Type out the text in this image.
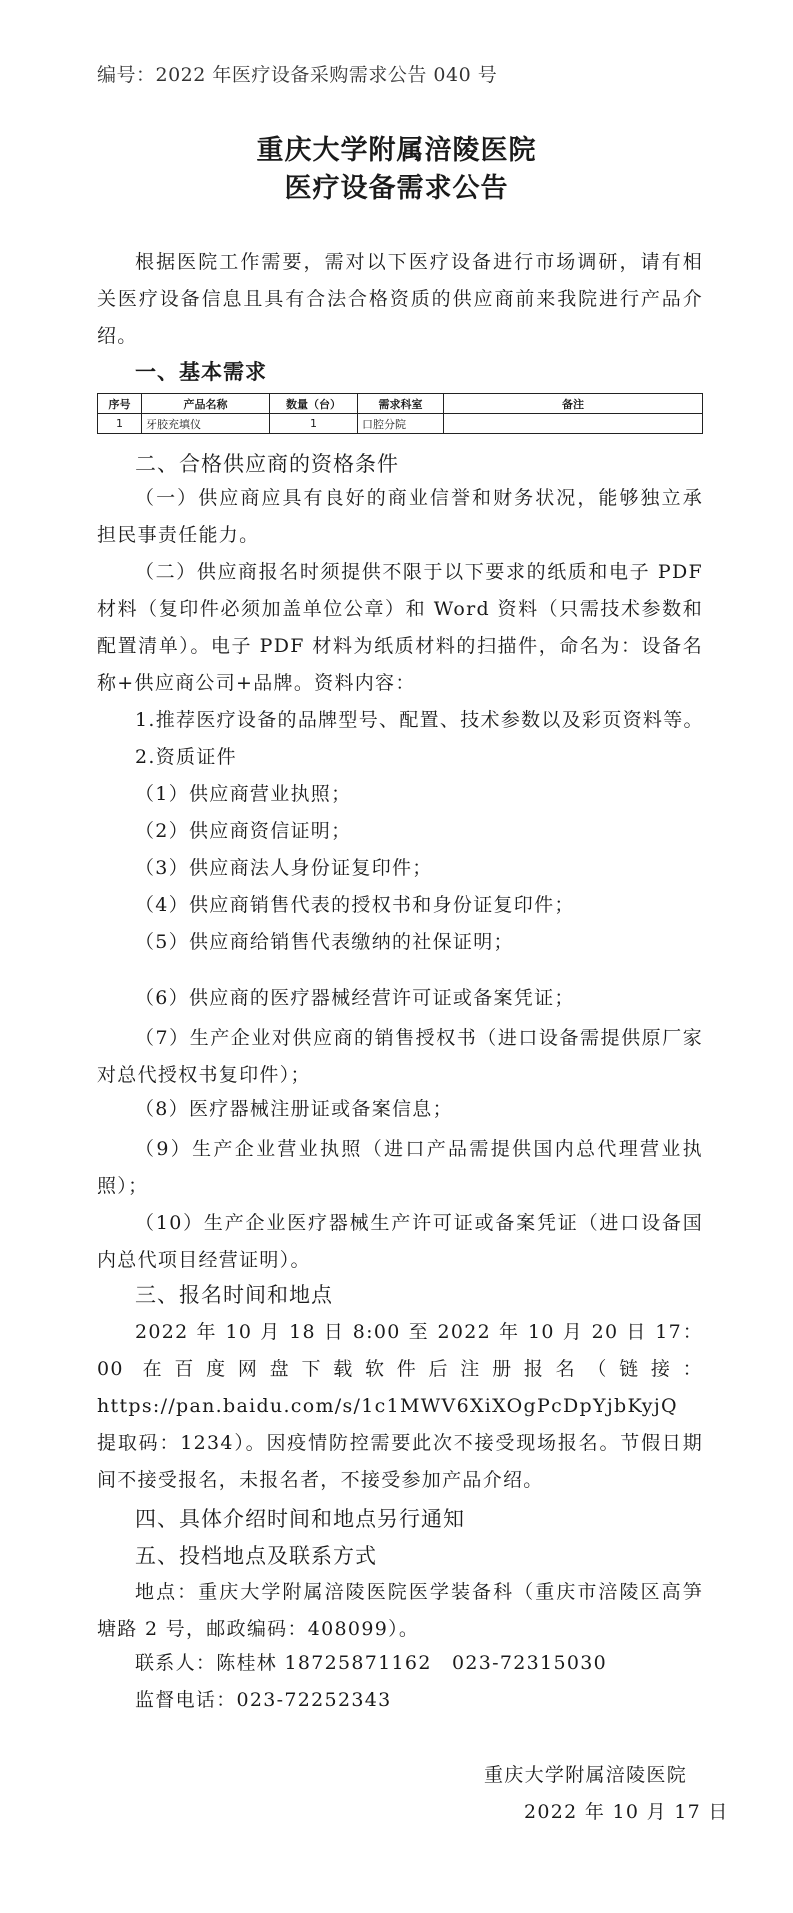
编号：2022 年医疗设备采购需求公告 040 号
重庆大学附属涪陵医院
医疗设备需求公告
根据医院工作需要，需对以下医疗设备进行市场调研，请有相关医疗设备信息且具有合法合格资质的供应商前来我院进行产品介绍。
一、基本需求
序号	产品名称	数量（台）	需求科室	备注
1	牙胶充填仪	1	口腔分院	
二、合格供应商的资格条件
（一）供应商应具有良好的商业信誉和财务状况，能够独立承担民事责任能力。
（二）供应商报名时须提供不限于以下要求的纸质和电子 PDF 材料（复印件必须加盖单位公章）和 Word 资料（只需技术参数和配置清单）。电子 PDF 材料为纸质材料的扫描件，命名为：设备名称+供应商公司+品牌。资料内容：
1.推荐医疗设备的品牌型号、配置、技术参数以及彩页资料等。
2.资质证件
（1）供应商营业执照；
（2）供应商资信证明；
（3）供应商法人身份证复印件；
（4）供应商销售代表的授权书和身份证复印件；
（5）供应商给销售代表缴纳的社保证明；
（6）供应商的医疗器械经营许可证或备案凭证；
（7）生产企业对供应商的销售授权书（进口设备需提供原厂家对总代授权书复印件）；
（8）医疗器械注册证或备案信息；
（9）生产企业营业执照（进口产品需提供国内总代理营业执照）；
（10）生产企业医疗器械生产许可证或备案凭证（进口设备国内总代项目经营证明）。
三、报名时间和地点
2022 年 10 月 18 日 8:00 至 2022 年 10 月 20 日 17：00 在百度网盘下载软件后注册报名（链接：https://pan.baidu.com/s/1c1MWV6XiXOgPcDpYjbKyjQ 提取码：1234）。因疫情防控需要此次不接受现场报名。节假日期间不接受报名，未报名者，不接受参加产品介绍。
四、具体介绍时间和地点另行通知
五、投档地点及联系方式
地点：重庆大学附属涪陵医院医学装备科（重庆市涪陵区高笋塘路 2 号，邮政编码：408099）。
联系人：陈桂林 18725871162　023-72315030
监督电话：023-72252343
重庆大学附属涪陵医院
2022 年 10 月 17 日
